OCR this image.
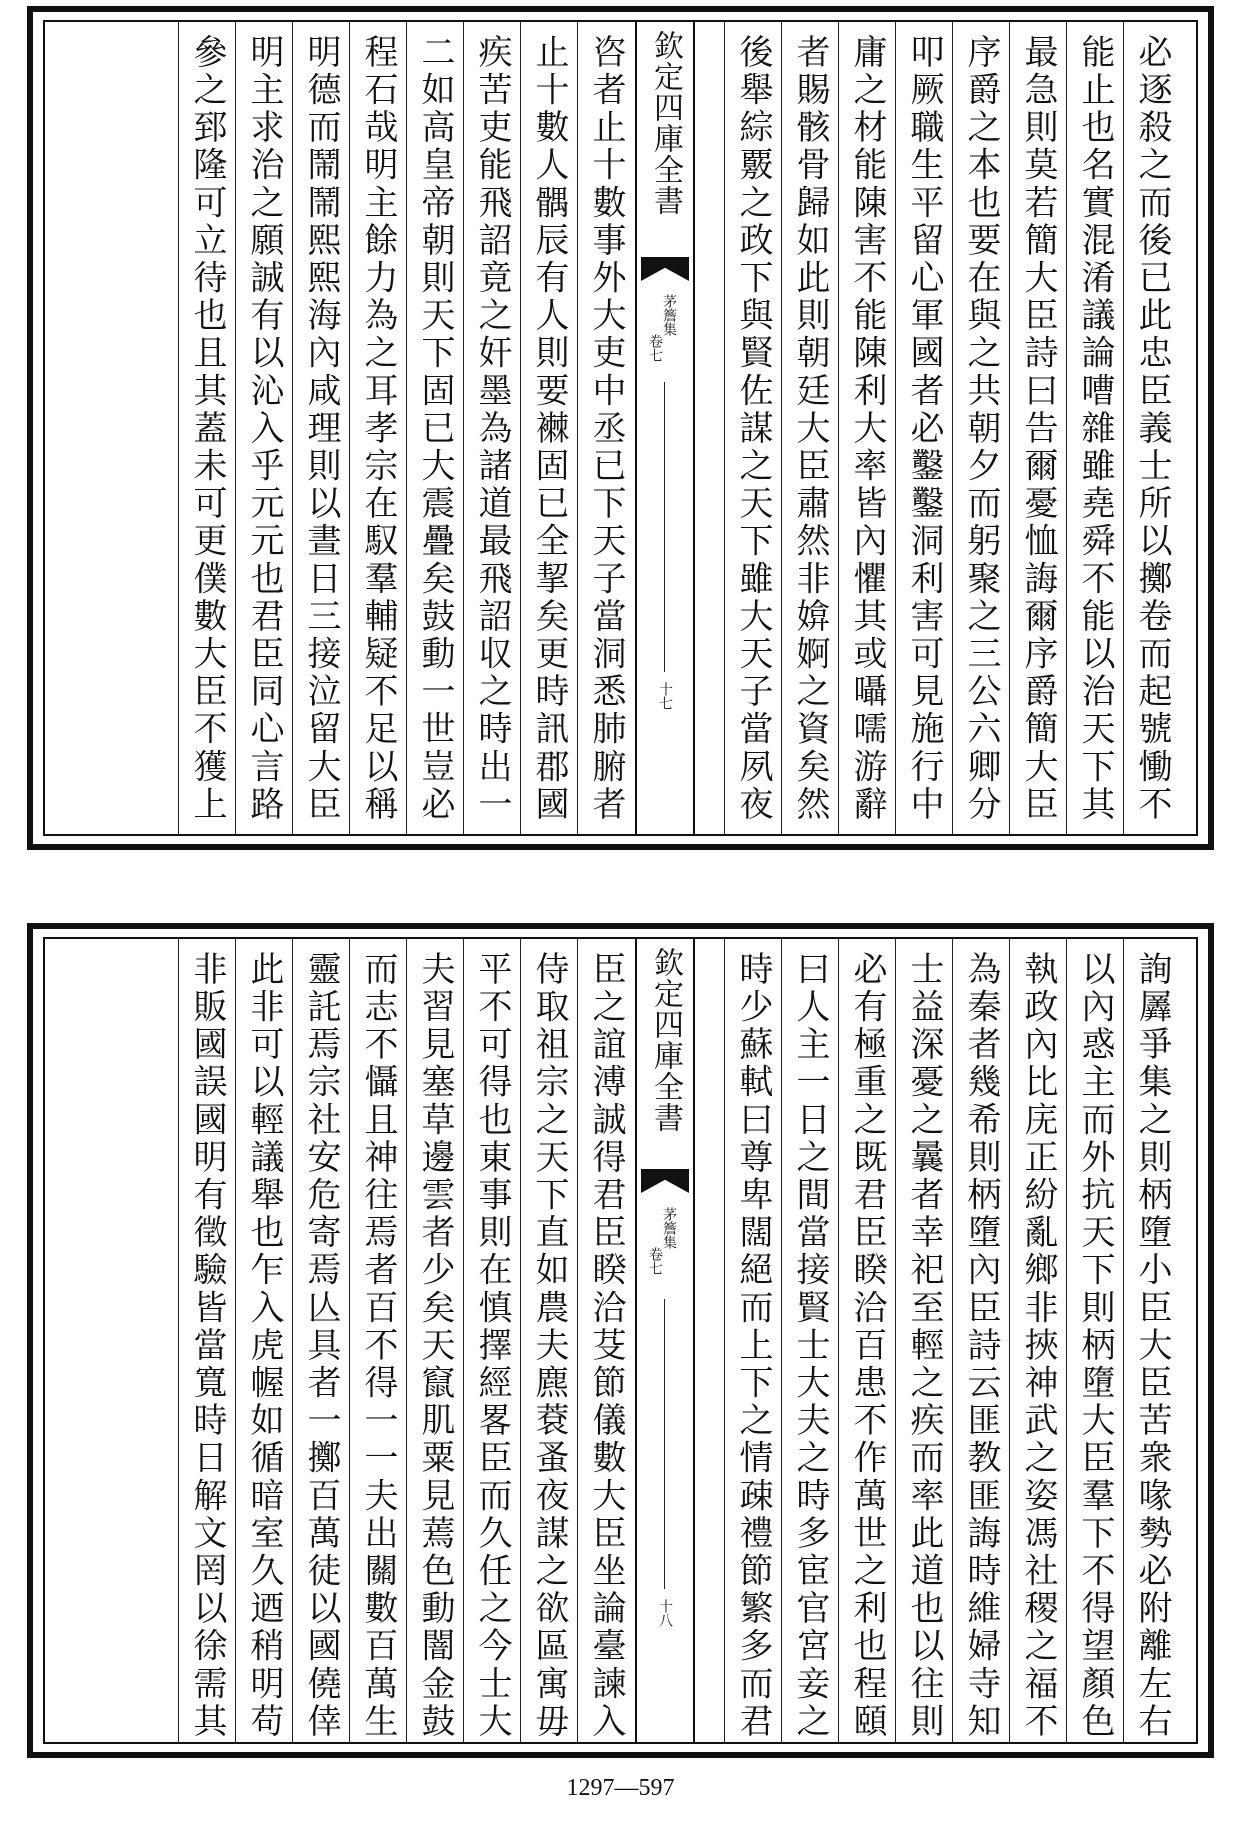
必逐殺之而後已此忠臣義士所以擲卷而起號慟不
能止也名實混淆議論嘈雜雖堯舜不能以治天下其
最急則莫若簡大臣詩曰告爾憂恤誨爾序爵簡大臣
序爵之本也要在與之共朝夕而躬聚之三公六卿分
叩厥職生平留心軍國者必鑿鑿洞利害可見施行中
庸之材能陳害不能陳利大率皆內懼其或囁嚅游辭
者賜骸骨歸如此則朝廷大臣肅然非媕婀之資矣然
後舉綜覈之政下與賢佐謀之天下雖大天子當夙夜
欽定四庫全書
茅簷集
卷七
十七
咨者止十數事外大吏中丞已下天子當洞悉肺腑者
止十數人髃辰有人則要襋固已全挈矣更時訊郡國
疾苦吏能飛詔竟之奸墨為諸道最飛詔収之時出一
二如高皇帝朝則天下固已大震疊矣鼓動一世豈必
程石哉明主餘力為之耳孝宗在馭羣輔疑不足以稱
明德而鬧鬧熙熙海內咸理則以晝日三接泣留大臣
明主求治之願誠有以沁入乎元元也君臣同心言路
參之郅隆可立待也且其蓋未可更僕數大臣不獲上
詢羼爭集之則柄墮小臣大臣苦衆喙勢必附離左右
以內惑主而外抗天下則柄墮大臣羣下不得望顏色
執政內比庑正紛亂鄉非挾神武之姿馮社稷之福不
為秦者幾希則柄墮內臣詩云匪教匪誨時維婦寺知
士益深憂之曩者幸祀至輕之疾而率此道也以往則
必有極重之既君臣睽洽百患不作萬世之利也程頤
曰人主一日之間當接賢士大夫之時多宦官宮妾之
時少蘇軾曰尊卑闊絕而上下之情疎禮節繁多而君
欽定四庫全書
茅簷集
卷七
十八
臣之誼溥誠得君臣睽洽芟節儀數大臣坐論臺諫入
侍取祖宗之天下直如農夫麃蔉蚤夜謀之欲區寓毋
平不可得也東事則在慎擇經畧臣而久任之今士大
夫習見塞草邊雲者少矣天竄肌粟見蔫色動闇金鼓
而志不懾且神往焉者百不得一一夫出關數百萬生
靈託焉宗社安危寄焉亾具者一擲百萬徒以國僥倖
此非可以輕議舉也乍入虎幄如循暗室久迺稍明苟
非販國誤國明有徵驗皆當寬時日解文罔以徐需其
1297—597
